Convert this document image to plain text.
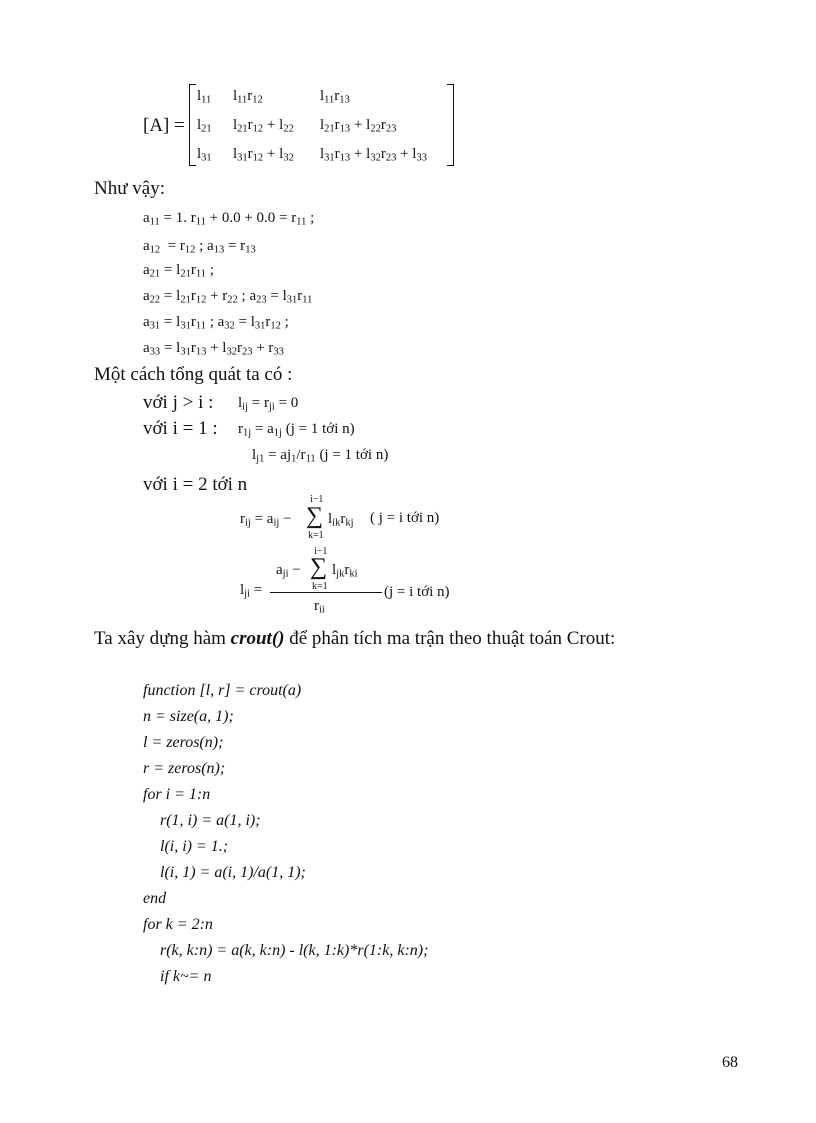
[A] =
$l_{11}$ $l_{11}r_{12}$	$l_{11}r_{13}$
$l_{21}$ $l_{21}r_{12} + l_{22}$ $l_{21}r_{13} + l_{22}r_{23}$
$l_{31}$ $l_{31}r_{12} + l_{32}$ $l_{31}r_{13} + l_{32}r_{23} + l_{33}$
Như vậy:
$a_{11} = 1$. $r_{11} + 0.0 + 0.0 = r_{11}$ ;
$a_{12} = r_{12}$ ; $a_{13} = r_{13}$
$a_{21} = l_{21}r_{11}$ ;
$a_{22} = l_{21}r_{12} + r_{22}$ ; $a_{23} = l_{31}r_{11}$
$a_{31} = l_{31}r_{11}$ ; $a_{32} = l_{31}r_{12}$ ;
$a_{33} = l_{31}r_{13} + l_{32}r_{23} + r_{33}$
Một cách tổng quát ta có :
với j > i : $l_{ij} = r_{ji} = 0$
với i = 1 : $r_{1j} = a_{1j}$ (j = 1 tới n)
$l_{j1} = aj_1/r_{11}$ (j = 1 tới n)
với i = 2 tới n
$r_{ij} = a_{ij}$ −
i−1
∑
k=1
$l_{ik}r_{kj}$ ( j = i tới n)
$l_{ji}$ =
$a_{ji}$ −
i−1
∑
k=1
$l_{jk}r_{ki}$
$r_{ii}$
(j = i tới n)
Ta xây dựng hàm crout() để phân tích ma trận theo thuật toán Crout:
function [l, r] = crout(a)
n = size(a, 1);
l = zeros(n);
r = zeros(n);
for i = 1:n
r(1, i) = a(1, i);
l(i, i) = 1.;
l(i, 1) = a(i, 1)/a(1, 1);
end
for k = 2:n
r(k, k:n) = a(k, k:n) - l(k, 1:k)*r(1:k, k:n);
if k~= n
68
